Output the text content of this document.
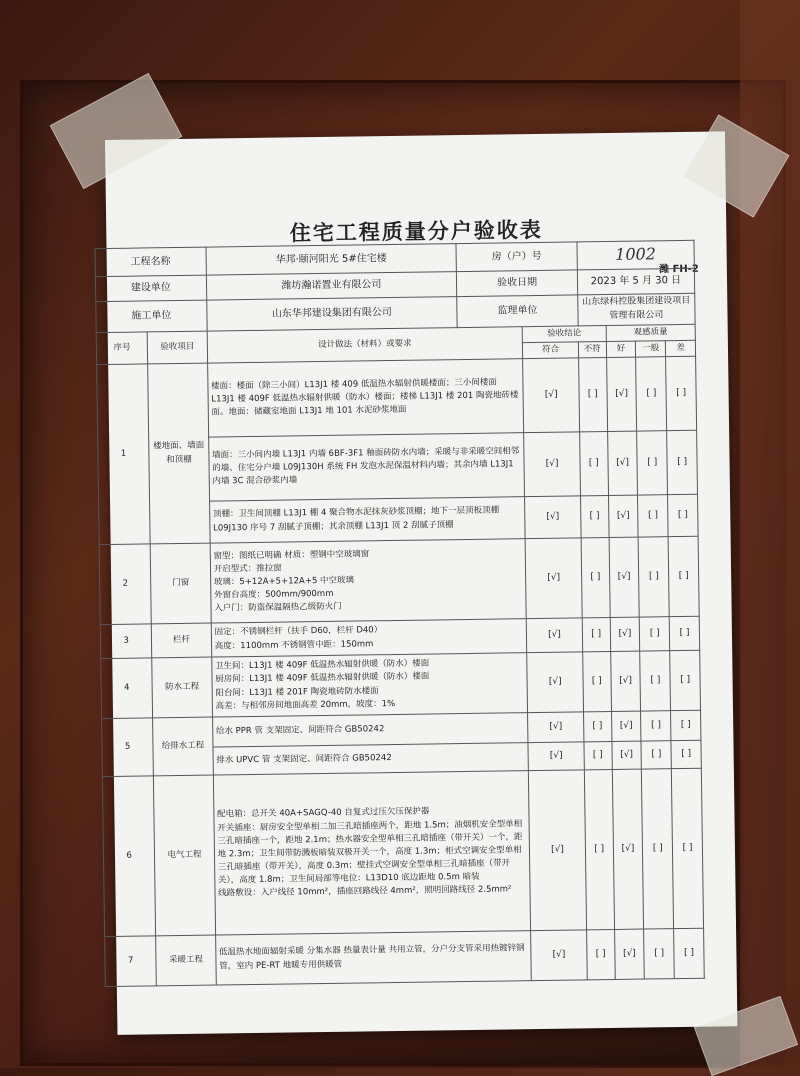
住宅工程质量分户验收表
潍 FH-2
工程名称		华邦·颐河阳光 5#住宅楼	房（户）号		1002			
建设单位		潍坊瀚诺置业有限公司	验收日期		2023 年 5 月 30 日			
施工单位		山东华邦建设集团有限公司	监理单位		山东绿科控股集团建设项目管理有限公司			
序号	验收项目	设计做法（材料）或要求		验收结论		观感质量		
				符合	不符	好	一般	差
1	楼地面、墙面和顶棚	楼面：楼面（除三小间）L13J1 楼 409 低温热水辐射供暖楼面；三小间楼面 L13J1 楼 409F 低温热水辐射供暖（防水）楼面；楼梯 L13J1 楼 201 陶瓷地砖楼面。地面：储藏室地面 L13J1 地 101 水泥砂浆地面		[√]	[ ]	[√]	[ ]	[ ]
		墙面：三小间内墙 L13J1 内墙 6BF-3F1 釉面砖防水内墙；采暖与非采暖空间相邻的墙、住宅分户墙 L09J130H 系统 FH 发泡水泥保温材料内墙；其余内墙 L13J1 内墙 3C 混合砂浆内墙		[√]	[ ]	[√]	[ ]	[ ]
		顶棚：卫生间顶棚 L13J1 棚 4 聚合物水泥抹灰砂浆顶棚；地下一层顶板顶棚 L09J130 序号 7 刮腻子顶棚；其余顶棚 L13J1 顶 2 刮腻子顶棚		[√]	[ ]	[√]	[ ]	[ ]
2	门窗	窗型：图纸已明确 材质：塑钢中空玻璃窗
开启型式：推拉窗
玻璃：5+12A+5+12A+5 中空玻璃
外窗台高度：500mm/900mm
入户门：防盗保温隔热乙级防火门		[√]	[ ]	[√]	[ ]	[ ]
3	栏杆	固定：不锈钢栏杆（扶手 D60，栏杆 D40）
高度：1100mm 不锈钢管中距：150mm		[√]	[ ]	[√]	[ ]	[ ]
4	防水工程	卫生间：L13J1 楼 409F 低温热水辐射供暖（防水）楼面
厨房间：L13J1 楼 409F 低温热水辐射供暖（防水）楼面
阳台间：L13J1 楼 201F 陶瓷地砖防水楼面
高差：与相邻房间地面高差 20mm，坡度：1%		[√]	[ ]	[√]	[ ]	[ ]
5	给排水工程	给水 PPR 管 支架固定、间距符合 GB50242		[√]	[ ]	[√]	[ ]	[ ]
		排水 UPVC 管 支架固定、间距符合 GB50242		[√]	[ ]	[√]	[ ]	[ ]
6	电气工程	配电箱：总开关 40A+SAGQ-40 自复式过压欠压保护器
开关插座：厨房安全型单相二加三孔暗插座两个，距地 1.5m；油烟机安全型单相三孔暗插座一个，距地 2.1m；热水器安全型单相三孔暗插座（带开关）一个，距地 2.3m；卫生间带防溅板暗装双极开关一个，高度 1.3m；柜式空调安全型单相三孔暗插座（带开关），高度 0.3m；壁挂式空调安全型单相三孔暗插座（带开关），高度 1.8m；卫生间局部等电位：L13D10 底边距地 0.5m 暗装
线路敷设：入户线径 10mm²，插座回路线径 4mm²，照明回路线径 2.5mm²		[√]	[ ]	[√]	[ ]	[ ]
7	采暖工程	低温热水地面辐射采暖 分集水器 热量表计量 共用立管，分户分支管采用热镀锌钢管，室内 PE-RT 地暖专用供暖管		[√]	[ ]	[√]	[ ]	[ ]
